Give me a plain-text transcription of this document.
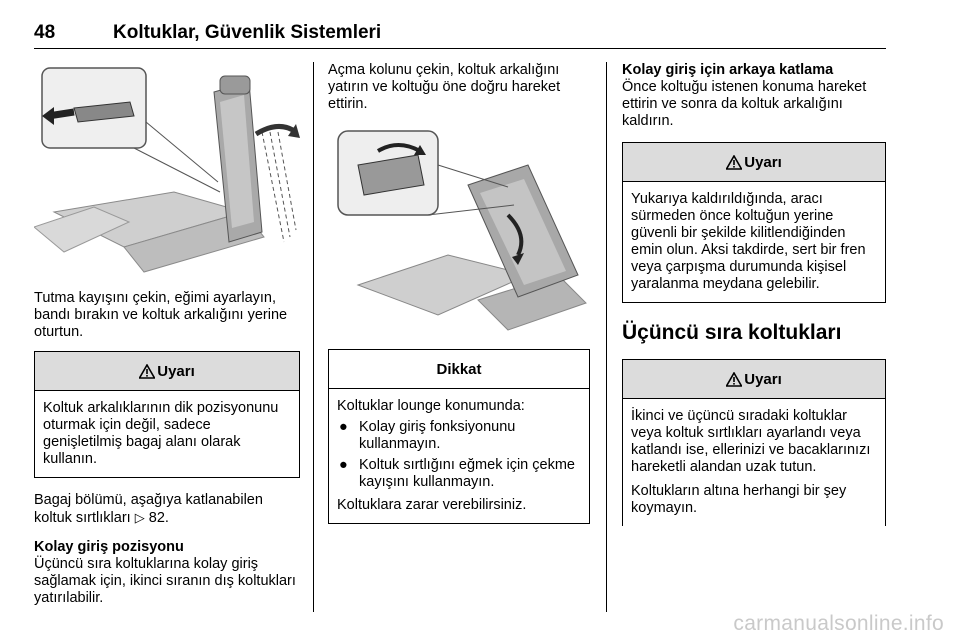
48	Koltuklar, Güvenlik Sistemleri

Tutma kayışını çekin, eğimi ayarlayın, bandı bırakın ve koltuk arkalığını yerine oturtun.

Uyarı
Koltuk arkalıklarının dik pozisyonunu oturmak için değil, sadece genişletilmiş bagaj alanı olarak kullanın.

Bagaj bölümü, aşağıya katlanabilen koltuk sırtlıkları ▷ 82.

Kolay giriş pozisyonu

Üçüncü sıra koltuklarına kolay giriş sağlamak için, ikinci sıranın dış koltukları yatırılabilir.

Açma kolunu çekin, koltuk arkalığını yatırın ve koltuğu öne doğru hareket ettirin.

Dikkat
Koltuklar lounge konumunda:
● Kolay giriş fonksiyonunu kullanmayın.
● Koltuk sırtlığını eğmek için çekme kayışını kullanmayın.
Koltuklara zarar verebilirsiniz.

Kolay giriş için arkaya katlama

Önce koltuğu istenen konuma hareket ettirin ve sonra da koltuk arkalığını kaldırın.

Uyarı
Yukarıya kaldırıldığında, aracı sürmeden önce koltuğun yerine güvenli bir şekilde kilitlendiğinden emin olun. Aksi takdirde, sert bir fren veya çarpışma durumunda kişisel yaralanma meydana gelebilir.
Üçüncü sıra koltukları
Uyarı
İkinci ve üçüncü sıradaki koltuklar veya koltuk sırtlıkları ayarlandı veya katlandı ise, ellerinizi ve bacaklarınızı hareketli alandan uzak tutun.
Koltukların altına herhangi bir şey koymayın.
carmanualsonline.info
